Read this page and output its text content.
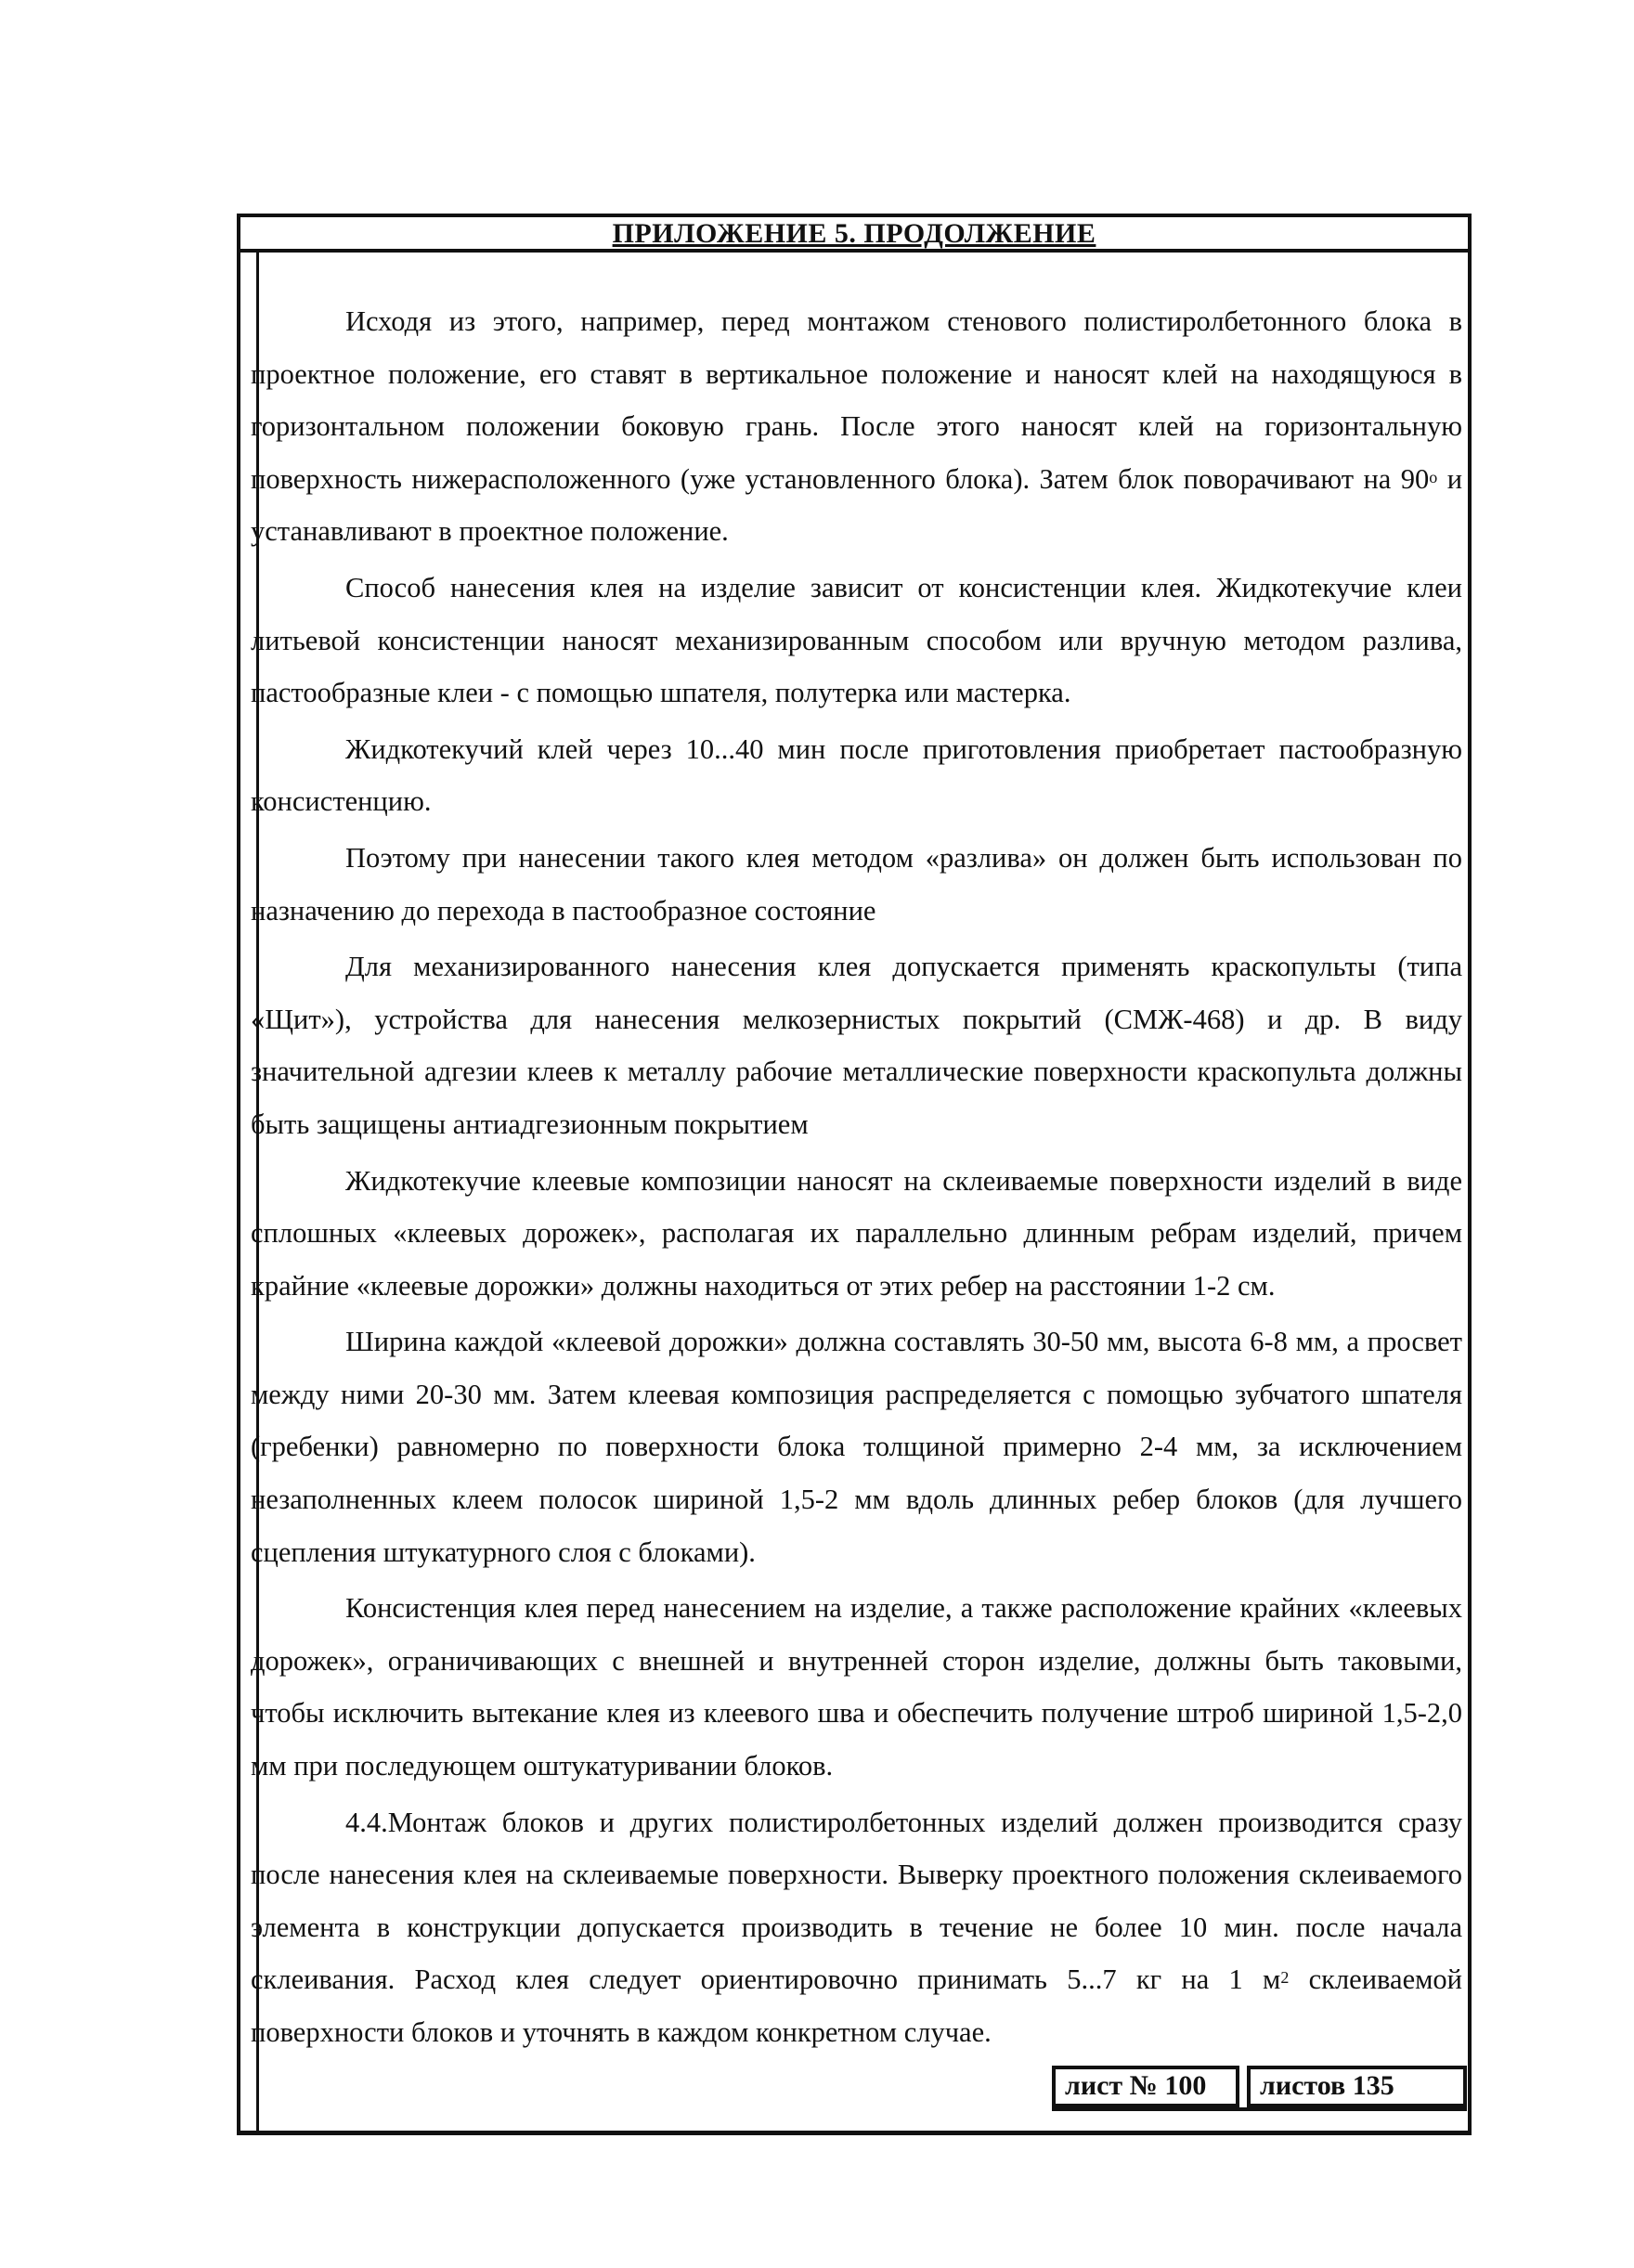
ПРИЛОЖЕНИЕ 5. ПРОДОЛЖЕНИЕ

Исходя из этого, например, перед монтажом стенового полистиролбетонного блока в проектное положение, его ставят в вертикальное положение и наносят клей на находящуюся в горизонтальном положении боковую грань. После этого наносят клей на горизонтальную поверхность нижерасположенного (уже установленного блока). Затем блок поворачивают на 90$^o$ и устанавливают в проектное положение.

Способ нанесения клея на изделие зависит от консистенции клея. Жидкотекучие клеи литьевой консистенции наносят механизированным способом или вручную методом разлива, пастообразные клеи - с помощью шпателя, полутерка или мастерка.

Жидкотекучий клей через 10...40 мин после приготовления приобретает пастообразную консистенцию.

Поэтому при нанесении такого клея методом «разлива» он должен быть использован по назначению до перехода в пастообразное состояние

Для механизированного нанесения клея допускается применять краскопульты (типа «Щит»), устройства для нанесения мелкозернистых покрытий (СМЖ-468) и др. В виду значительной адгезии клеев к металлу рабочие металлические поверхности краскопульта должны быть защищены антиадгезионным покрытием

Жидкотекучие клеевые композиции наносят на склеиваемые поверхности изделий в виде сплошных «клеевых дорожек», располагая их параллельно длинным ребрам изделий, причем крайние «клеевые дорожки» должны находиться от этих ребер на расстоянии 1-2 см.

Ширина каждой «клеевой дорожки» должна составлять 30-50 мм, высота 6-8 мм, а просвет между ними 20-30 мм. Затем клеевая композиция распределяется с помощью зубчатого шпателя (гребенки) равномерно по поверхности блока толщиной примерно 2-4 мм, за исключением незаполненных клеем полосок шириной 1,5-2 мм вдоль длинных ребер блоков (для лучшего сцепления штукатурного слоя с блоками).

Консистенция клея перед нанесением на изделие, а также расположение крайних «клеевых дорожек», ограничивающих с внешней и внутренней сторон изделие, должны быть таковыми, чтобы исключить вытекание клея из клеевого шва и обеспечить получение штроб шириной 1,5-2,0 мм при последующем оштукатуривании блоков.

4.4.Монтаж блоков и других полистиролбетонных изделий должен производится сразу после нанесения клея на склеиваемые поверхности. Выверку проектного положения склеиваемого элемента в конструкции допускается производить в течение не более 10 мин. после начала склеивания. Расход клея следует ориентировочно принимать 5...7 кг на 1 $м^2$ склеиваемой поверхности блоков и уточнять в каждом конкретном случае.

лист № 100	листов 135
